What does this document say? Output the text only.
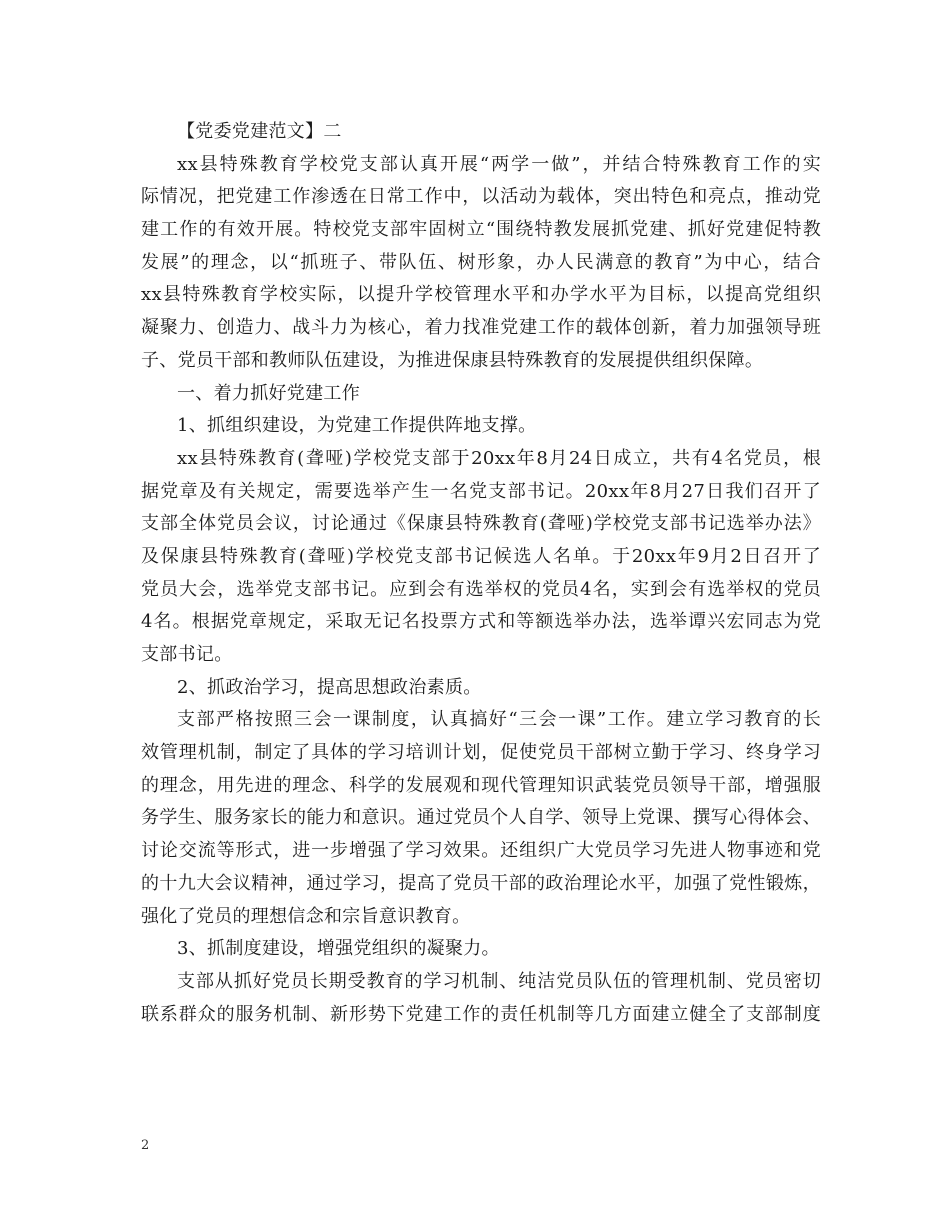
【党委党建范文】二
xx县特殊教育学校党支部认真开展“两学一做”，并结合特殊教育工作的实
际情况，把党建工作渗透在日常工作中，以活动为载体，突出特色和亮点，推动党
建工作的有效开展。特校党支部牢固树立“围绕特教发展抓党建、抓好党建促特教
发展”的理念，以“抓班子、带队伍、树形象，办人民满意的教育”为中心，结合
xx县特殊教育学校实际，以提升学校管理水平和办学水平为目标，以提高党组织
凝聚力、创造力、战斗力为核心，着力找准党建工作的载体创新，着力加强领导班
子、党员干部和教师队伍建设，为推进保康县特殊教育的发展提供组织保障。
一、着力抓好党建工作
1、抓组织建设，为党建工作提供阵地支撑。
xx县特殊教育(聋哑)学校党支部于20xx年8月24日成立，共有4名党员，根
据党章及有关规定，需要选举产生一名党支部书记。20xx年8月27日我们召开了
支部全体党员会议，讨论通过《保康县特殊教育(聋哑)学校党支部书记选举办法》
及保康县特殊教育(聋哑)学校党支部书记候选人名单。于20xx年9月2日召开了
党员大会，选举党支部书记。应到会有选举权的党员4名，实到会有选举权的党员
4名。根据党章规定，采取无记名投票方式和等额选举办法，选举谭兴宏同志为党
支部书记。
2、抓政治学习，提高思想政治素质。
支部严格按照三会一课制度，认真搞好“三会一课”工作。建立学习教育的长
效管理机制，制定了具体的学习培训计划，促使党员干部树立勤于学习、终身学习
的理念，用先进的理念、科学的发展观和现代管理知识武装党员领导干部，增强服
务学生、服务家长的能力和意识。通过党员个人自学、领导上党课、撰写心得体会、
讨论交流等形式，进一步增强了学习效果。还组织广大党员学习先进人物事迹和党
的十九大会议精神，通过学习，提高了党员干部的政治理论水平，加强了党性锻炼，
强化了党员的理想信念和宗旨意识教育。
3、抓制度建设，增强党组织的凝聚力。
支部从抓好党员长期受教育的学习机制、纯洁党员队伍的管理机制、党员密切
联系群众的服务机制、新形势下党建工作的责任机制等几方面建立健全了支部制度
2
